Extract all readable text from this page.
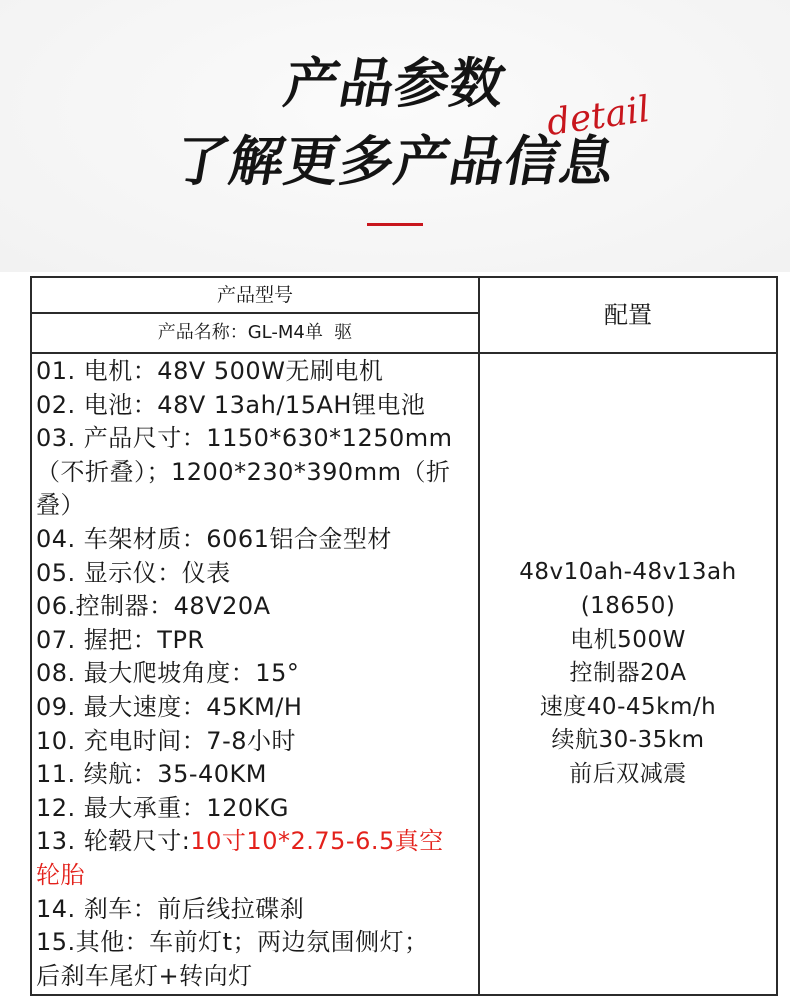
产品参数
了解更多产品信息
detail
产品型号
产品名称：GL-M4单  驱
01. 电机：48V 500W无刷电机
02. 电池：48V 13ah/15AH锂电池
03. 产品尺寸：1150*630*1250mm
（不折叠）；1200*230*390mm（折
叠）
04. 车架材质：6061铝合金型材
05. 显示仪：仪表
06.控制器：48V20A
07. 握把：TPR
08. 最大爬坡角度：15°
09. 最大速度：45KM/H
10. 充电时间：7-8小时
11. 续航：35-40KM
12. 最大承重：120KG
13. 轮毂尺寸:10寸10*2.75-6.5真空
轮胎
14. 刹车：前后线拉碟刹
15.其他：车前灯t；两边氛围侧灯；
后刹车尾灯+转向灯
配置
48v10ah-48v13ah
(18650)
电机500W
控制器20A
速度40-45km/h
续航30-35km
前后双减震
